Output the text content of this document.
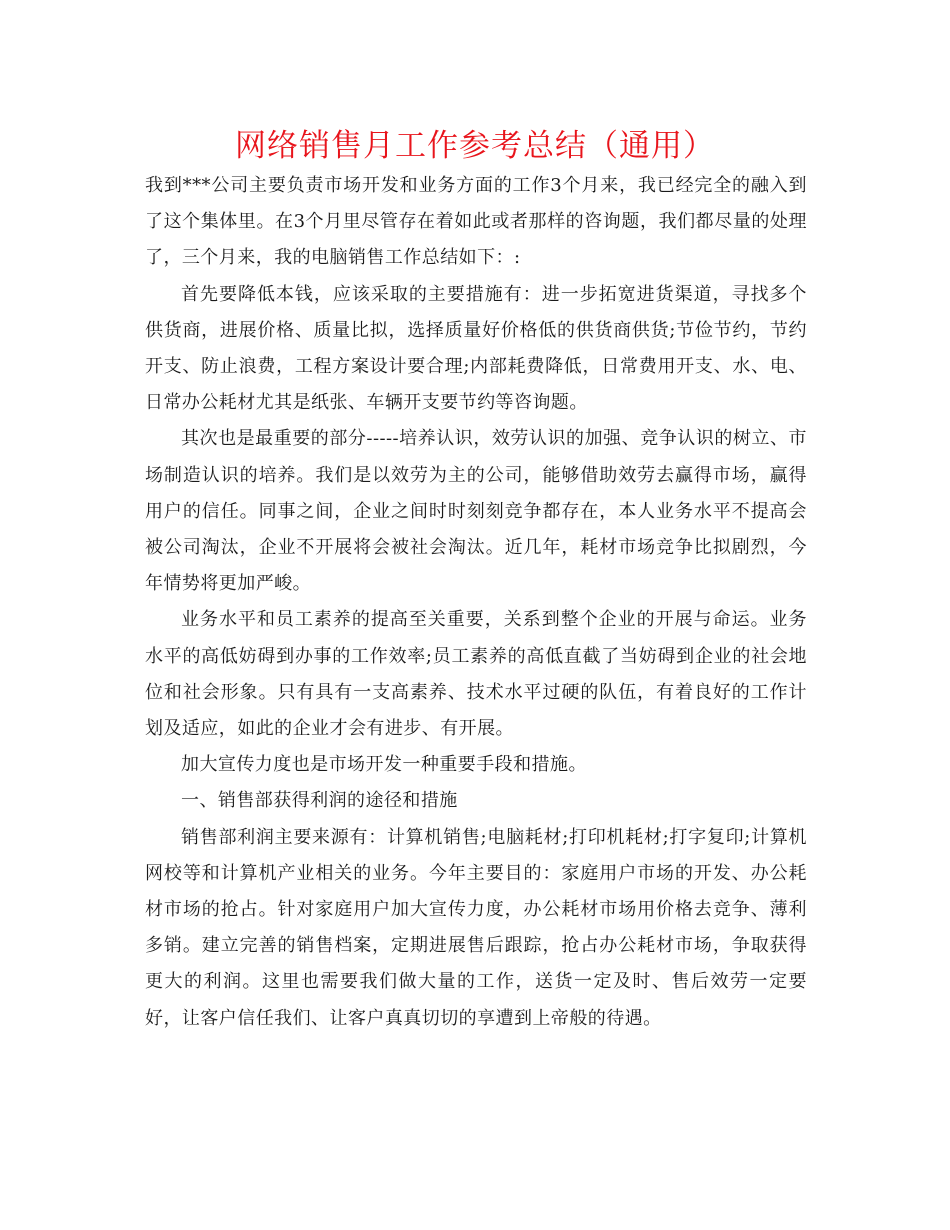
网络销售月工作参考总结（通用）

我到***公司主要负责市场开发和业务方面的工作3个月来，我已经完全的融入到了这个集体里。在3个月里尽管存在着如此或者那样的咨询题，我们都尽量的处理了，三个月来，我的电脑销售工作总结如下：:

首先要降低本钱，应该采取的主要措施有：进一步拓宽进货渠道，寻找多个供货商，进展价格、质量比拟，选择质量好价格低的供货商供货;节俭节约，节约开支、防止浪费，工程方案设计要合理;内部耗费降低，日常费用开支、水、电、日常办公耗材尤其是纸张、车辆开支要节约等咨询题。

其次也是最重要的部分-----培养认识，效劳认识的加强、竞争认识的树立、市场制造认识的培养。我们是以效劳为主的公司，能够借助效劳去赢得市场，赢得用户的信任。同事之间，企业之间时时刻刻竞争都存在，本人业务水平不提高会被公司淘汰，企业不开展将会被社会淘汰。近几年，耗材市场竞争比拟剧烈，今年情势将更加严峻。

业务水平和员工素养的提高至关重要，关系到整个企业的开展与命运。业务水平的高低妨碍到办事的工作效率;员工素养的高低直截了当妨碍到企业的社会地位和社会形象。只有具有一支高素养、技术水平过硬的队伍，有着良好的工作计划及适应，如此的企业才会有进步、有开展。

加大宣传力度也是市场开发一种重要手段和措施。

一、销售部获得利润的途径和措施

销售部利润主要来源有：计算机销售;电脑耗材;打印机耗材;打字复印;计算机网校等和计算机产业相关的业务。今年主要目的：家庭用户市场的开发、办公耗材市场的抢占。针对家庭用户加大宣传力度，办公耗材市场用价格去竞争、薄利多销。建立完善的销售档案，定期进展售后跟踪，抢占办公耗材市场，争取获得更大的利润。这里也需要我们做大量的工作，送货一定及时、售后效劳一定要好，让客户信任我们、让客户真真切切的享遭到上帝般的待遇。
